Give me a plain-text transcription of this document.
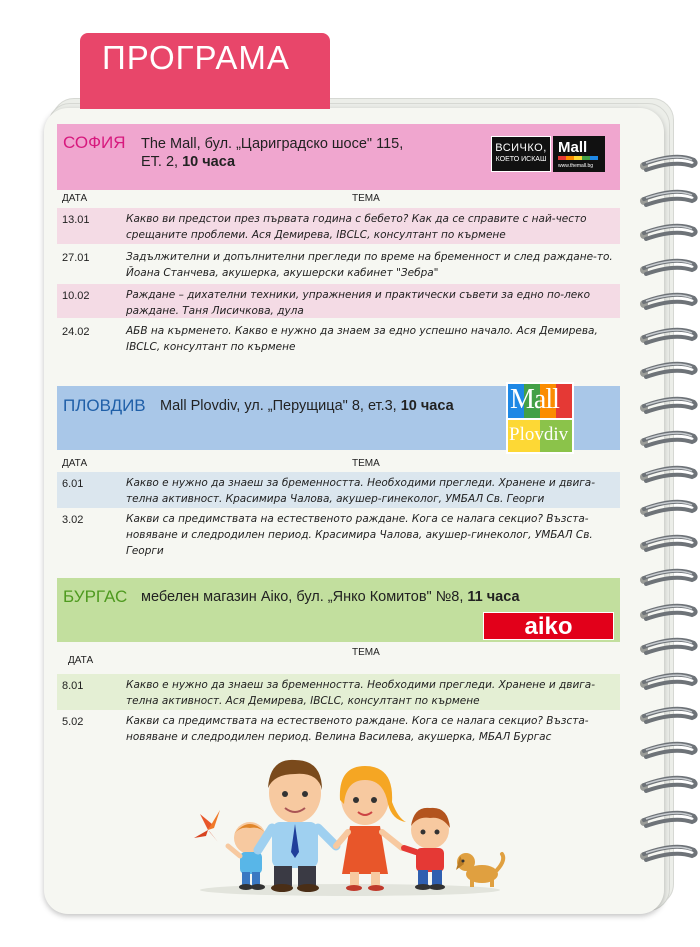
ПРОГРАМА
СОФИЯ The Mall, бул. „Цариградско шосе" 115,
ЕТ. 2, 10 часа
ВСИЧКО,
КОЕТО ИСКАШ
Mall
www.themall.bg
ДАТА	ТЕМА
13.01	Какво ви предстои през първата година с бебето? Как да се справите с най-често срещаните проблеми. Ася Демирева, IBCLC, консултант по кърмене
27.01	Задължителни и допълнителни прегледи по време на бременност и след раждане-то. Йоана Станчева, акушерка, акушерски кабинет "Зебра"
10.02	Раждане – дихателни техники, упражнения и практически съвети за едно по-леко раждане. Таня Лисичкова, дула
24.02	АБВ на кърменето. Какво е нужно да знаем за едно успешно начало. Ася Демирева, IBCLC, консултант по кърмене
ПЛОВДИВ Mall Plovdiv, ул. „Перущица" 8, ет.3, 10 часа Mall
Plovdiv
ДАТА	ТЕМА
6.01	Какво е нужно да знаеш за бременността. Необходими прегледи. Хранене и двига-телна активност. Красимира Чалова, акушер-гинеколог, УМБАЛ Св. Георги
3.02	Какви са предимствата на естественото раждане. Кога се налага секцио? Възста-новяване и следродилен период. Красимира Чалова, акушер-гинеколог, УМБАЛ Св. Георги
БУРГАС мебелен магазин Аiко, бул. „Янко Комитов" №8, 11 часа
aiko
ДАТА
ТЕМА
8.01	Какво е нужно да знаеш за бременността. Необходими прегледи. Хранене и двига-телна активност. Ася Демирева, IBCLC, консултант по кърмене
5.02	Какви са предимствата на естественото раждане. Кога се налага секцио? Възста-новяване и следродилен период. Велина Василева, акушерка, МБАЛ Бургас
